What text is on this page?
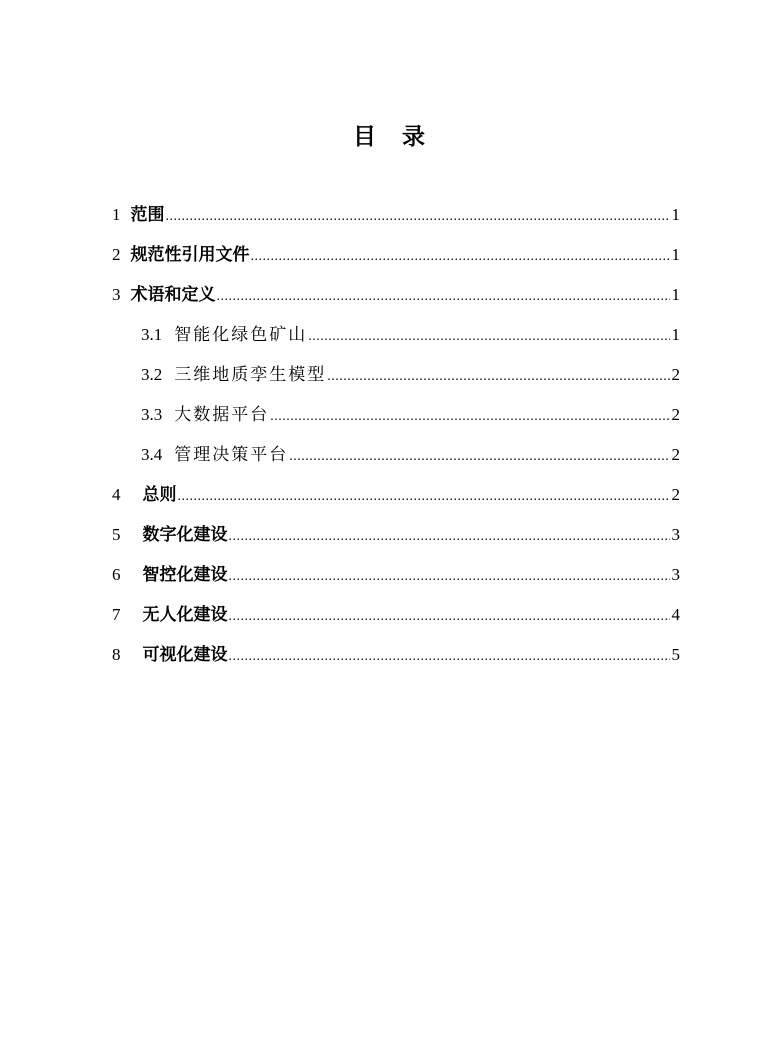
目 录
1 范围 .....	1
2 规范性引用文件 .....	1
3 术语和定义 .....	1
3.1 智能化绿色矿山 .....	1
3.2 三维地质孪生模型 .....	2
3.3 大数据平台 .....	2
3.4 管理决策平台 .....	2
4 总则 .....	2
5 数字化建设 .....	3
6 智控化建设 .....	3
7 无人化建设 .....	4
8 可视化建设 .....	5
